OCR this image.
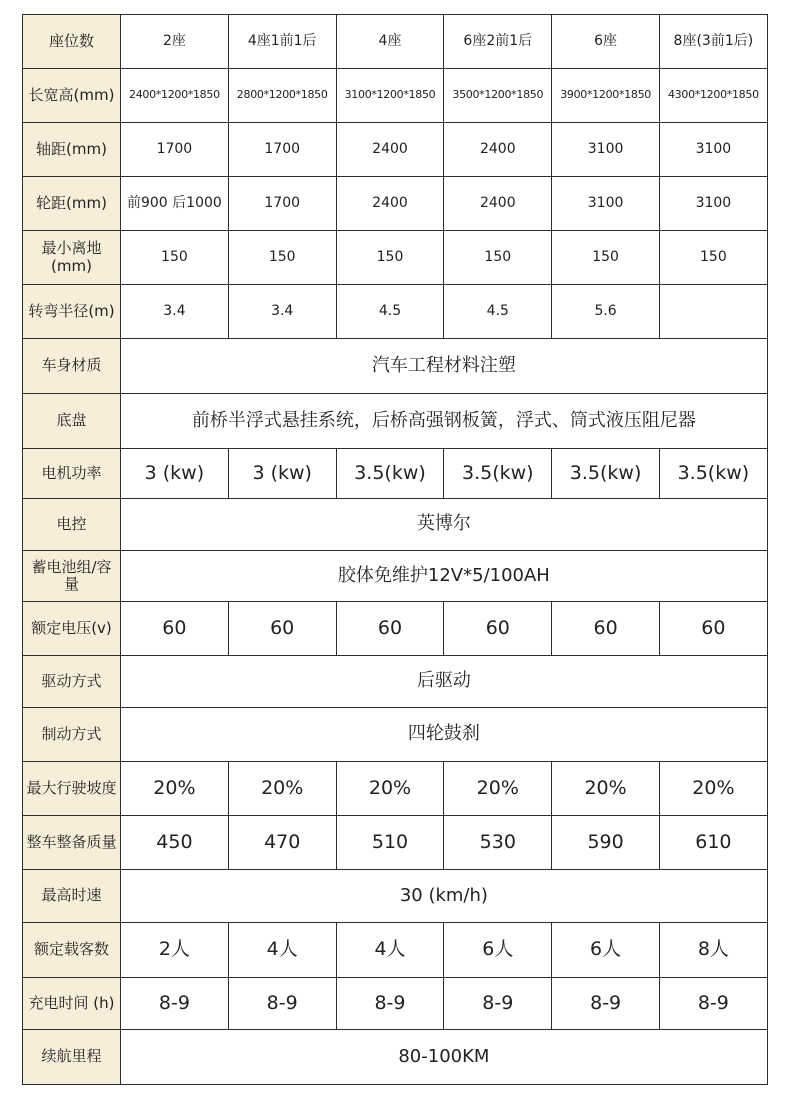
座位数	2座	4座1前1后	4座	6座2前1后	6座	8座(3前1后)
长宽高(mm)	2400*1200*1850	2800*1200*1850	3100*1200*1850	3500*1200*1850	3900*1200*1850	4300*1200*1850
轴距(mm)	1700	1700	2400	2400	3100	3100
轮距(mm)	前900 后1000	1700	2400	2400	3100	3100
最小离地(mm)	150	150	150	150	150	150
转弯半径(m)	3.4	3.4	4.5	4.5	5.6	
车身材质	汽车工程材料注塑					
底盘	前桥半浮式悬挂系统，后桥高强钢板簧，浮式、筒式液压阻尼器					
电机功率	3 (kw)	3 (kw)	3.5(kw)	3.5(kw)	3.5(kw)	3.5(kw)
电控	英博尔					
蓄电池组/容量	胶体免维护12V*5/100AH					
额定电压(v)	60	60	60	60	60	60
驱动方式	后驱动					
制动方式	四轮鼓刹					
最大行驶坡度	20%	20%	20%	20%	20%	20%
整车整备质量	450	470	510	530	590	610
最高时速	30 (km/h)					
额定载客数	2人	4人	4人	6人	6人	8人
充电时间 (h)	8-9	8-9	8-9	8-9	8-9	8-9
续航里程	80-100KM					
